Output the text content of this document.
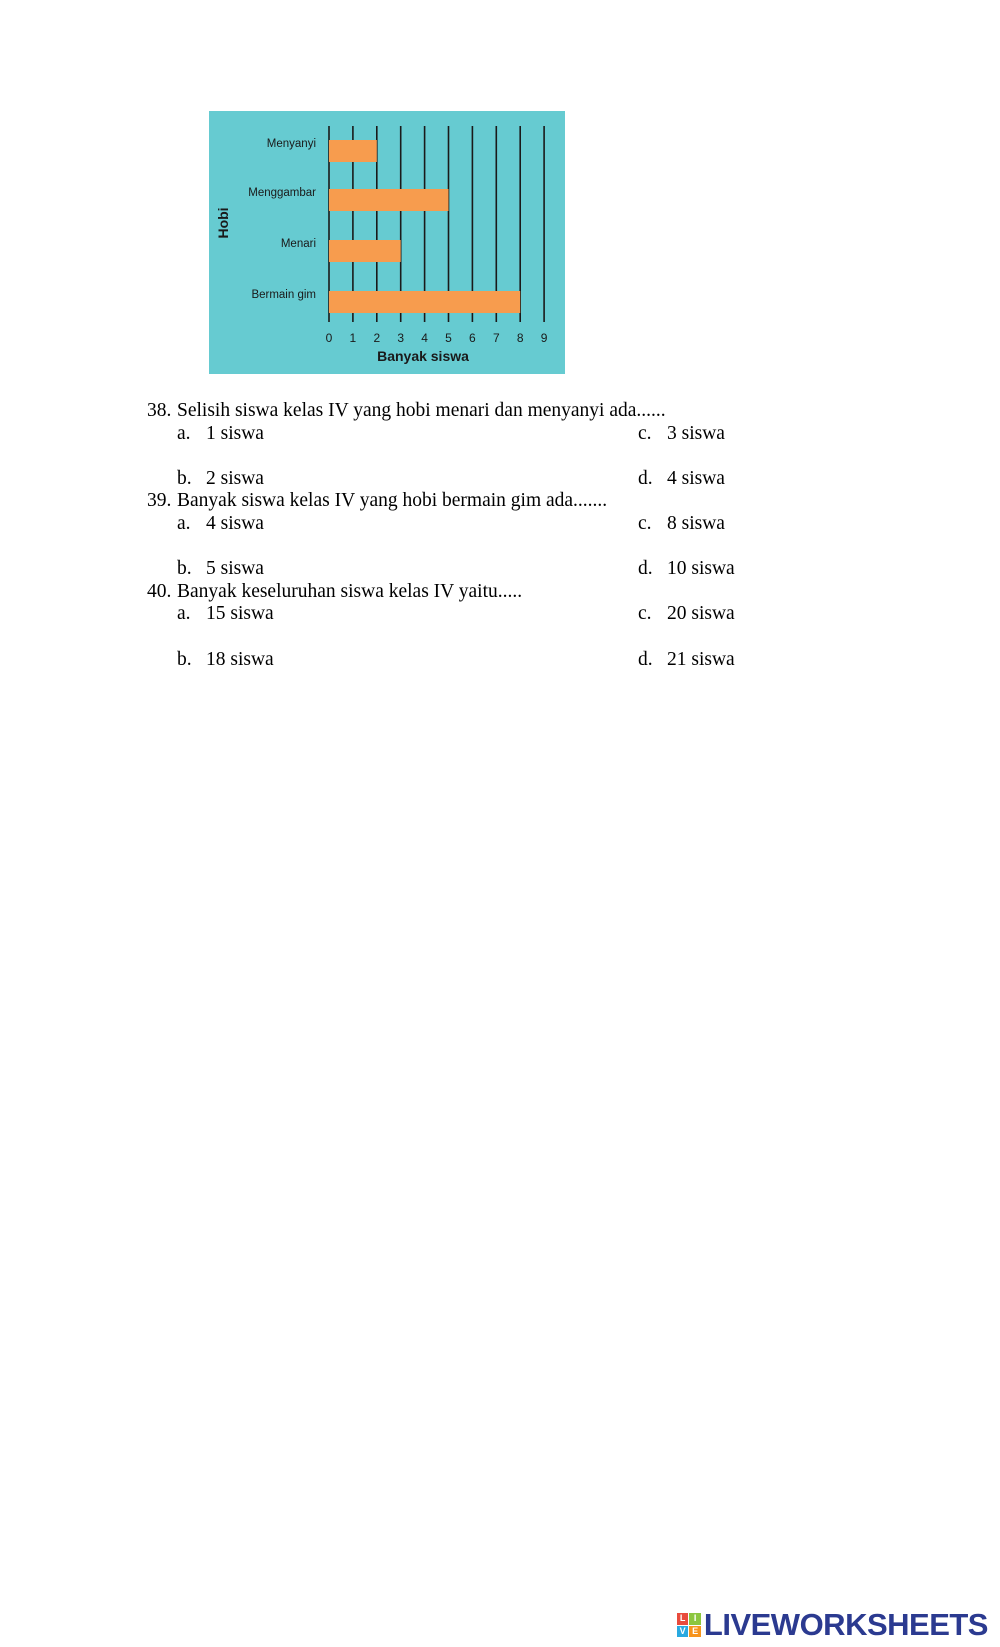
Menyanyi
Menggambar
Menari
Bermain gim
0 1 2 3 4 5 6 7 8 9
Banyak siswa
Hobi
38. Selisih siswa kelas IV yang hobi menari dan menyanyi ada......
a. 1 siswa	c. 3 siswa
b. 2 siswa	d. 4 siswa
39. Banyak siswa kelas IV yang hobi bermain gim ada.......
a. 4 siswa	c. 8 siswa
b. 5 siswa	d. 10 siswa
40. Banyak keseluruhan siswa kelas IV yaitu.....
a. 15 siswa	c. 20 siswa
b. 18 siswa	d. 21 siswa
L I
V E LIVEWORKSHEETS
